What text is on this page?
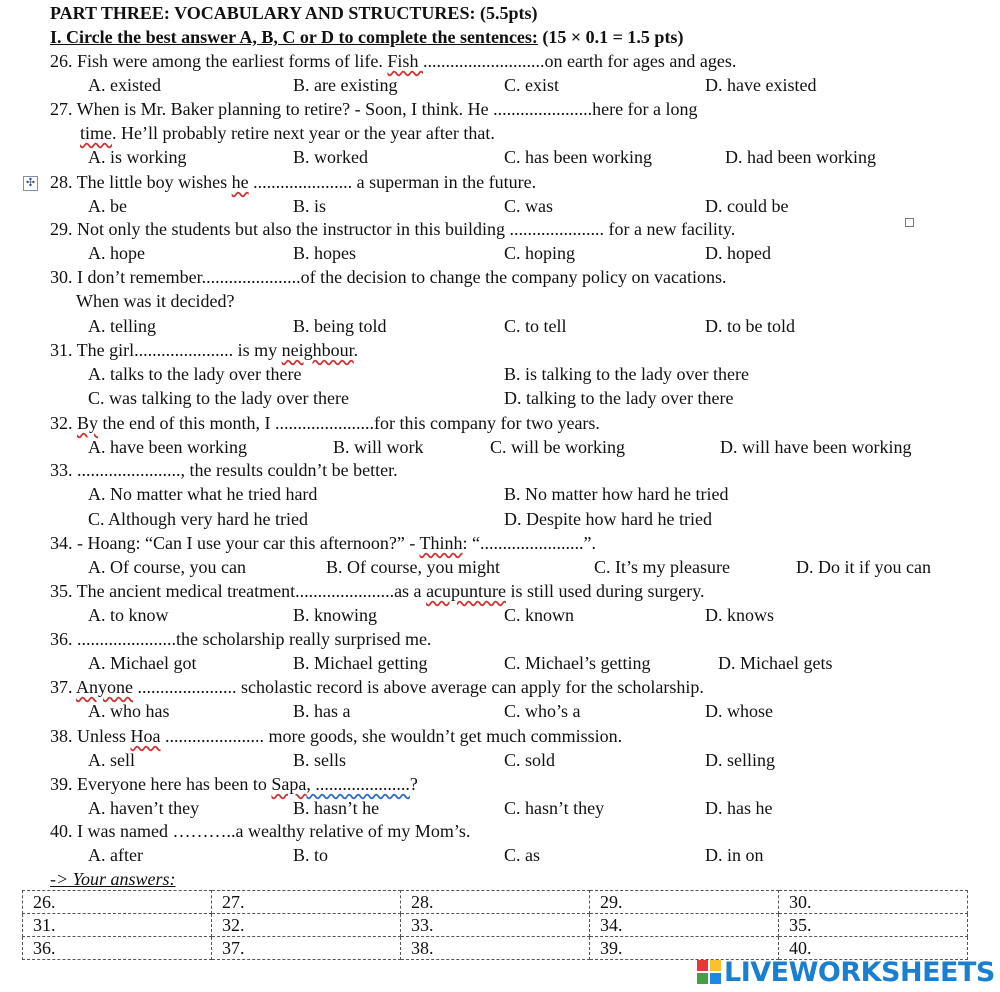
PART THREE: VOCABULARY AND STRUCTURES: (5.5pts)
I. Circle the best answer A, B, C or D to complete the sentences: (15 × 0.1 = 1.5 pts)
26. Fish were among the earliest forms of life. Fish ...........................on earth for ages and ages.
A. existed	B. are existing	C. exist	D. have existed
27. When is Mr. Baker planning to retire? - Soon, I think. He ......................here for a long
time. He’ll probably retire next year or the year after that.
A. is working	B. worked	C. has been working	D. had been working
✣ 28. The little boy wishes he ...................... a superman in the future.
A. be	B. is	C. was	D. could be
29. Not only the students but also the instructor in this building ..................... for a new facility.
A. hope	B. hopes	C. hoping	D. hoped
30. I don’t remember......................of the decision to change the company policy on vacations.
When was it decided?
A. telling	B. being told	C. to tell	D. to be told
31. The girl...................... is my neighbour.
A. talks to the lady over there	B. is talking to the lady over there
C. was talking to the lady over there	D. talking to the lady over there
32. By the end of this month, I ......................for this company for two years.
A. have been working	B. will work	C. will be working	D. will have been working
33. ......................., the results couldn’t be better.
A. No matter what he tried hard	B. No matter how hard he tried
C. Although very hard he tried	D. Despite how hard he tried
34. - Hoang: “Can I use your car this afternoon?” - Thinh: “.......................”.
A. Of course, you can	B. Of course, you might	C. It’s my pleasure	D. Do it if you can
35. The ancient medical treatment......................as a acupunture is still used during surgery.
A. to know	B. knowing	C. known	D. knows
36. ......................the scholarship really surprised me.
A. Michael got	B. Michael getting	C. Michael’s getting	D. Michael gets
37. Anyone ...................... scholastic record is above average can apply for the scholarship.
A. who has	B. has a	C. who’s a	D. whose
38. Unless Hoa ...................... more goods, she wouldn’t get much commission.
A. sell	B. sells	C. sold	D. selling
39. Everyone here has been to Sapa, .....................?
A. haven’t they	B. hasn’t he	C. hasn’t they	D. has he
40. I was named ………..a wealthy relative of my Mom’s.
A. after	B. to	C. as	D. in on
-> Your answers:
26.	27.	28.	29.	30.
31.	32.	33.	34.	35.
36.	37.	38.	39.	40.
LIVEWORKSHEETS
